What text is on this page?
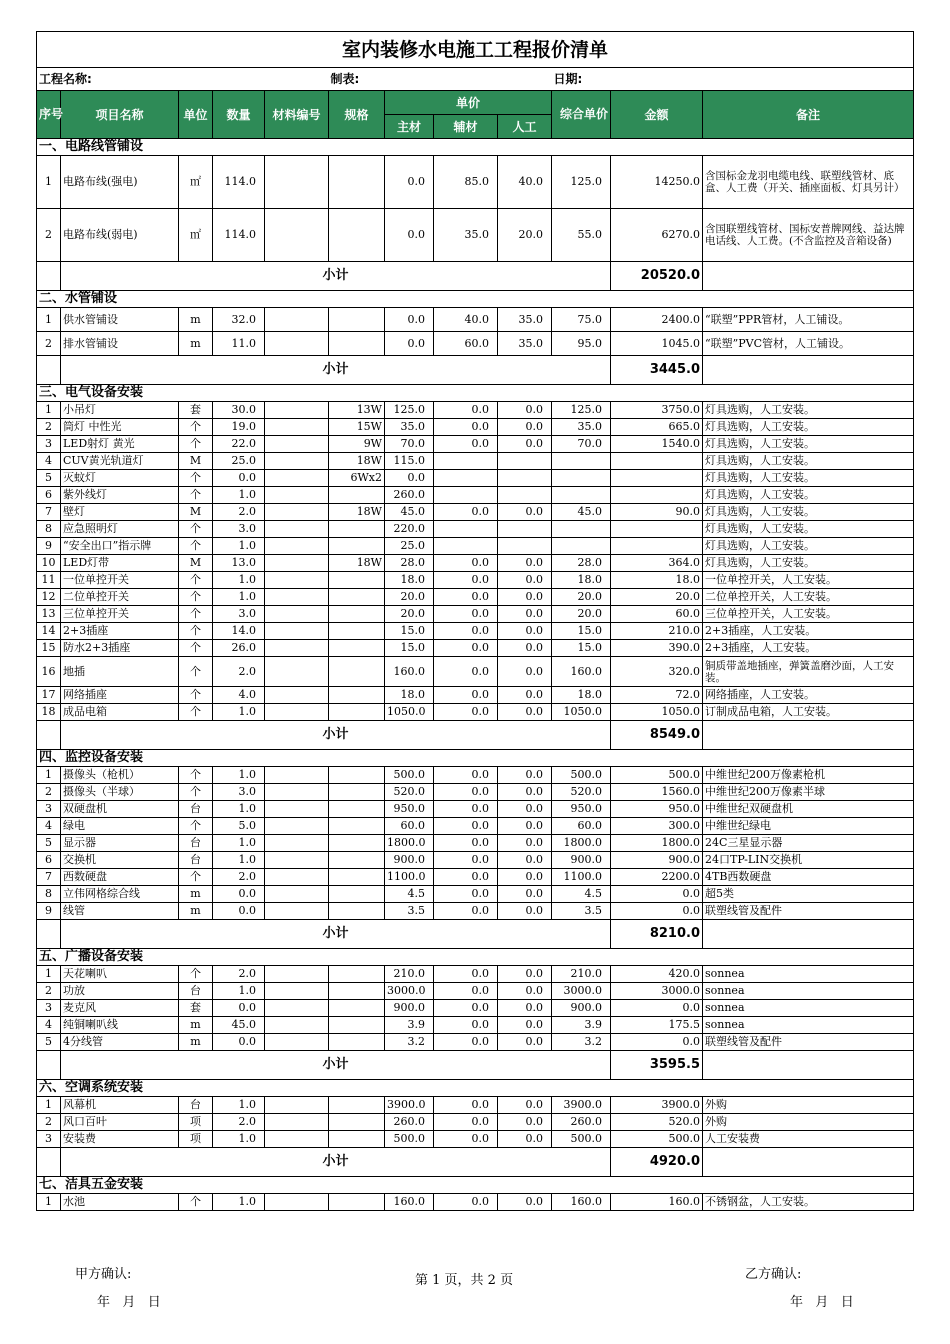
室内装修水电施工工程报价清单											
工程名称:					制表:				日期:		
序号	项目名称	单位	数量	材料编号	规格	单价			综合单价	金额	备注
						主材	辅材	人工			
一、电路线管铺设											
1	电路布线(强电)	㎡	114.0			0.0	85.0	40.0	125.0	14250.0	含国标金龙羽电缆电线、联塑线管材、底盒、人工费（开关、插座面板、灯具另计）
2	电路布线(弱电)	㎡	114.0			0.0	35.0	20.0	55.0	6270.0	含国联塑线管材、国标安普牌网线、益达牌电话线、人工费。(不含监控及音箱设备)
	小计									20520.0	
二、水管铺设											
1	供水管铺设	m	32.0			0.0	40.0	35.0	75.0	2400.0	“联塑”PPR管材，人工铺设。
2	排水管铺设	m	11.0			0.0	60.0	35.0	95.0	1045.0	“联塑”PVC管材，人工铺设。
	小计									3445.0	
三、电气设备安装											
1	小吊灯	套	30.0		13W	125.0	0.0	0.0	125.0	3750.0	灯具选购，人工安装。
2	筒灯 中性光	个	19.0		15W	35.0	0.0	0.0	35.0	665.0	灯具选购，人工安装。
3	LED射灯 黄光	个	22.0		9W	70.0	0.0	0.0	70.0	1540.0	灯具选购，人工安装。
4	CUV黄光轨道灯	M	25.0		18W	115.0					灯具选购，人工安装。
5	灭蚊灯	个	0.0		6Wx2	0.0					灯具选购，人工安装。
6	紫外线灯	个	1.0			260.0					灯具选购，人工安装。
7	壁灯	M	2.0		18W	45.0	0.0	0.0	45.0	90.0	灯具选购，人工安装。
8	应急照明灯	个	3.0			220.0					灯具选购，人工安装。
9	“安全出口”指示牌	个	1.0			25.0					灯具选购，人工安装。
10	LED灯带	M	13.0		18W	28.0	0.0	0.0	28.0	364.0	灯具选购，人工安装。
11	一位单控开关	个	1.0			18.0	0.0	0.0	18.0	18.0	一位单控开关，人工安装。
12	二位单控开关	个	1.0			20.0	0.0	0.0	20.0	20.0	二位单控开关，人工安装。
13	三位单控开关	个	3.0			20.0	0.0	0.0	20.0	60.0	三位单控开关，人工安装。
14	2+3插座	个	14.0			15.0	0.0	0.0	15.0	210.0	2+3插座，人工安装。
15	防水2+3插座	个	26.0			15.0	0.0	0.0	15.0	390.0	2+3插座，人工安装。
16	地插	个	2.0			160.0	0.0	0.0	160.0	320.0	铜质带盖地插座，弹簧盖磨沙面，人工安装。
17	网络插座	个	4.0			18.0	0.0	0.0	18.0	72.0	网络插座，人工安装。
18	成品电箱	个	1.0			1050.0	0.0	0.0	1050.0	1050.0	订制成品电箱，人工安装。
	小计									8549.0	
四、监控设备安装											
1	摄像头（枪机）	个	1.0			500.0	0.0	0.0	500.0	500.0	中维世纪200万像素枪机
2	摄像头（半球）	个	3.0			520.0	0.0	0.0	520.0	1560.0	中维世纪200万像素半球
3	双硬盘机	台	1.0			950.0	0.0	0.0	950.0	950.0	中维世纪双硬盘机
4	绿电	个	5.0			60.0	0.0	0.0	60.0	300.0	中维世纪绿电
5	显示器	台	1.0			1800.0	0.0	0.0	1800.0	1800.0	24C三星显示器
6	交换机	台	1.0			900.0	0.0	0.0	900.0	900.0	24口TP-LIN交换机
7	西数硬盘	个	2.0			1100.0	0.0	0.0	1100.0	2200.0	4TB西数硬盘
8	立伟网格综合线	m	0.0			4.5	0.0	0.0	4.5	0.0	超5类
9	线管	m	0.0			3.5	0.0	0.0	3.5	0.0	联塑线管及配件
	小计									8210.0	
五、广播设备安装											
1	天花喇叭	个	2.0			210.0	0.0	0.0	210.0	420.0	sonnea
2	功放	台	1.0			3000.0	0.0	0.0	3000.0	3000.0	sonnea
3	麦克风	套	0.0			900.0	0.0	0.0	900.0	0.0	sonnea
4	纯铜喇叭线	m	45.0			3.9	0.0	0.0	3.9	175.5	sonnea
5	4分线管	m	0.0			3.2	0.0	0.0	3.2	0.0	联塑线管及配件
	小计									3595.5	
六、空调系统安装											
1	风幕机	台	1.0			3900.0	0.0	0.0	3900.0	3900.0	外购
2	风口百叶	项	2.0			260.0	0.0	0.0	260.0	520.0	外购
3	安装费	项	1.0			500.0	0.0	0.0	500.0	500.0	人工安装费
	小计									4920.0	
七、洁具五金安装											
1	水池	个	1.0			160.0	0.0	0.0	160.0	160.0	不锈钢盆，人工安装。
甲方确认:	第 1 页，共 2 页	乙方确认:
年   月   日	年   月   日
